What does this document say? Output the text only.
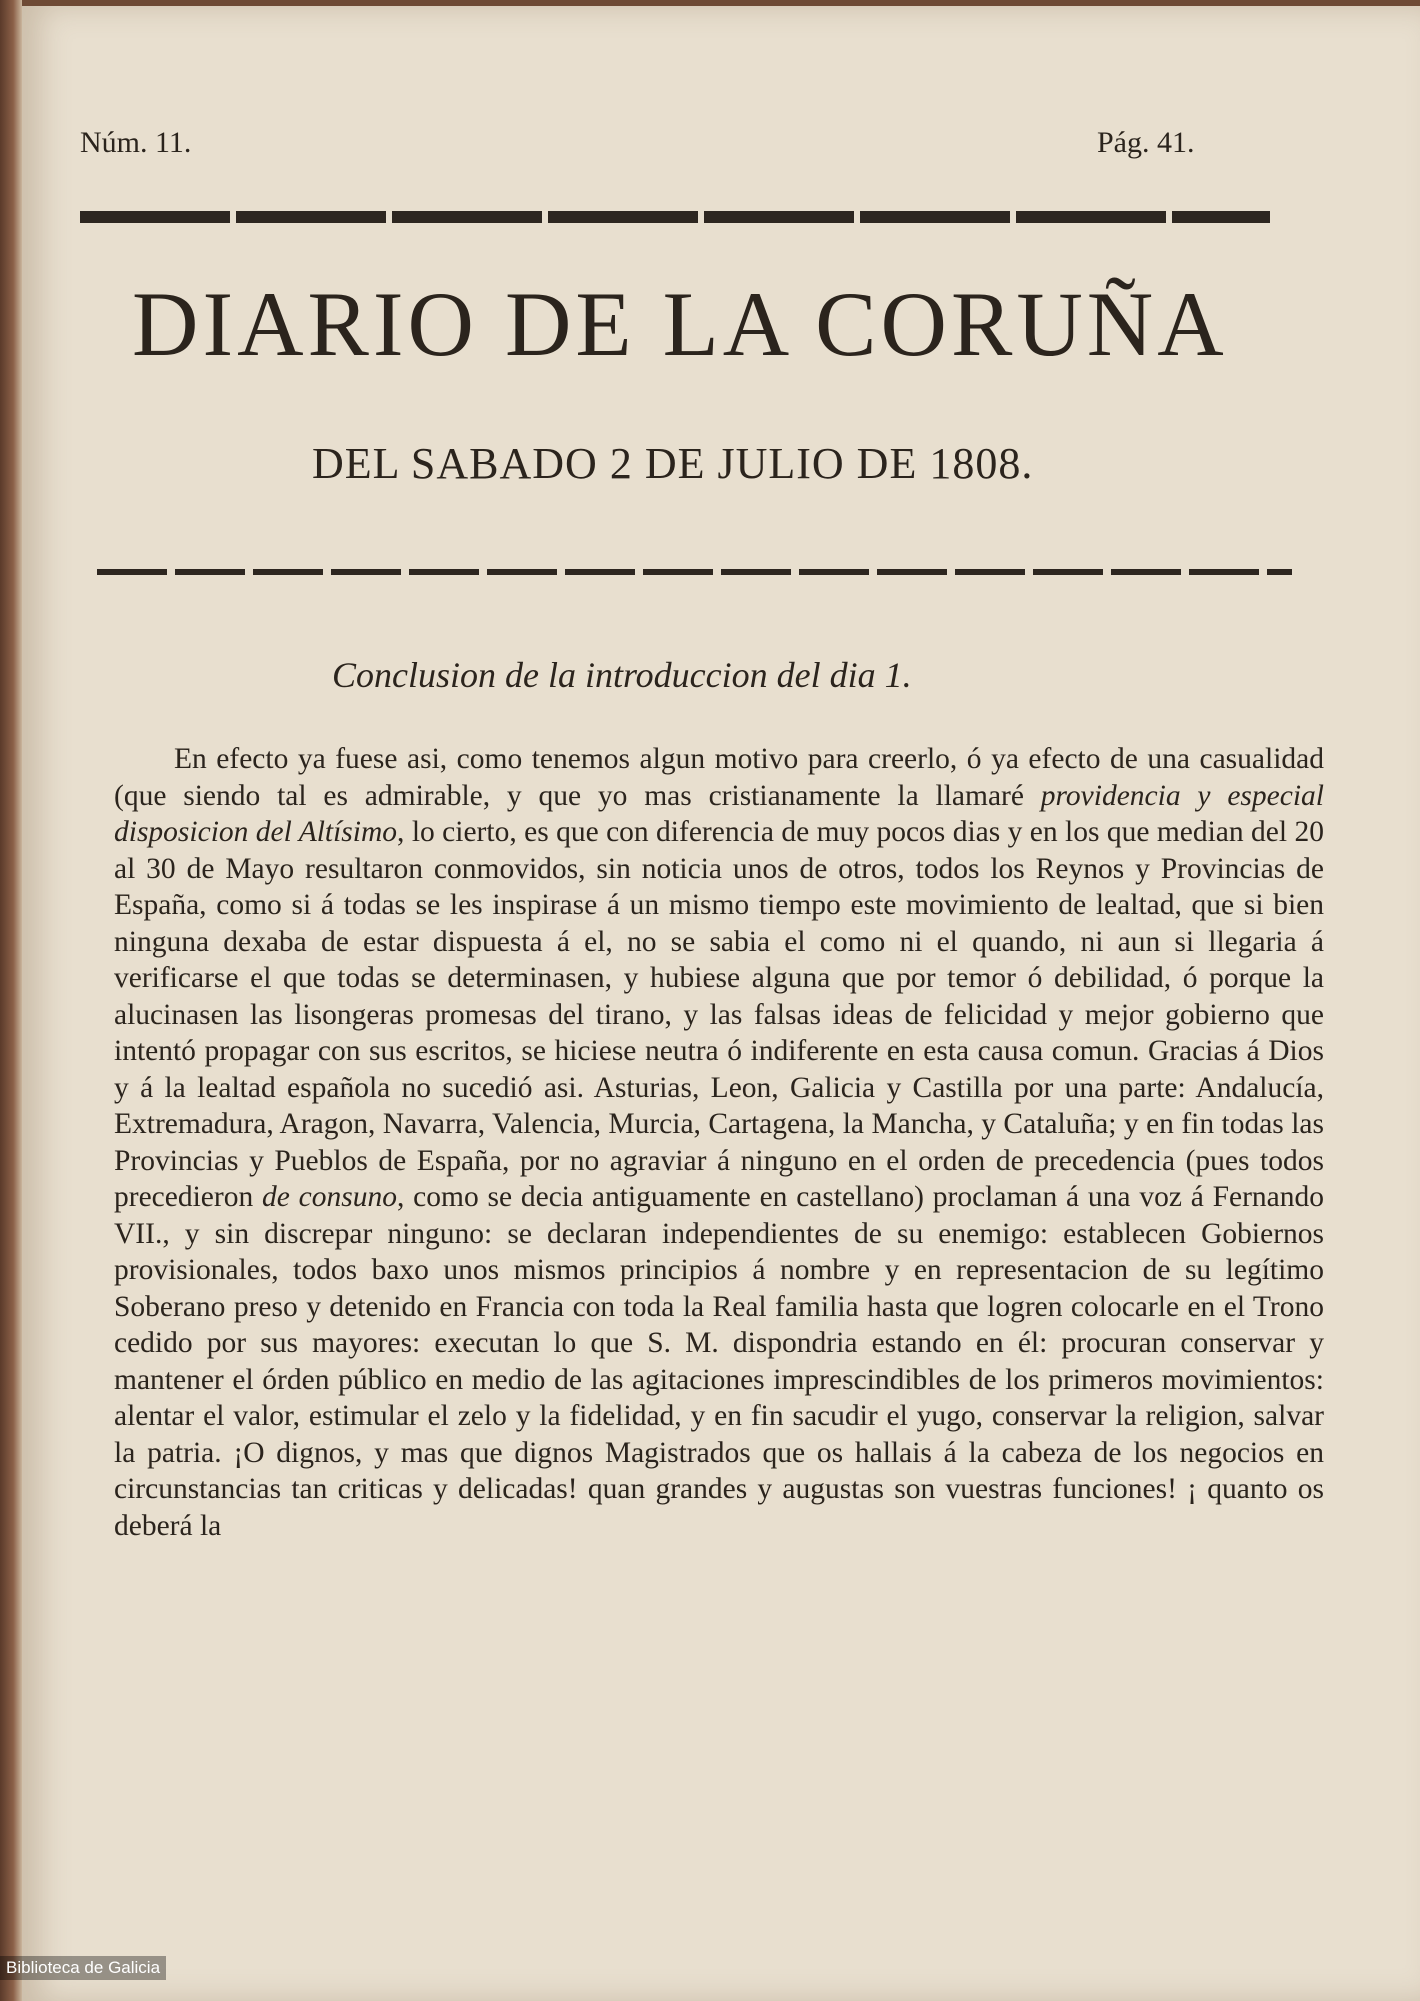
Núm. 11.	Pág. 41.
DIARIO DE LA CORUÑA
DEL SABADO 2 DE JULIO DE 1808.
Conclusion de la introduccion del dia 1.
En efecto ya fuese asi, como tenemos algun motivo para creerlo, ó ya efecto de una casualidad (que siendo tal es admirable, y que yo mas cristianamente la llamaré providencia y especial disposicion del Altísimo, lo cierto, es que con diferencia de muy pocos dias y en los que median del 20 al 30 de Mayo resultaron conmovidos, sin noticia unos de otros, todos los Reynos y Provincias de España, como si á todas se les inspirase á un mismo tiempo este movimiento de lealtad, que si bien ninguna dexaba de estar dispuesta á el, no se sabia el como ni el quando, ni aun si llegaria á verificarse el que todas se determinasen, y hubiese alguna que por temor ó debilidad, ó porque la alucinasen las lisongeras promesas del tirano, y las falsas ideas de felicidad y mejor gobierno que intentó propagar con sus escritos, se hiciese neutra ó indiferente en esta causa comun. Gracias á Dios y á la lealtad española no sucedió asi. Asturias, Leon, Galicia y Castilla por una parte: Andalucía, Extremadura, Aragon, Navarra, Valencia, Murcia, Cartagena, la Mancha, y Cataluña; y en fin todas las Provincias y Pueblos de España, por no agraviar á ninguno en el orden de precedencia (pues todos precedieron de consuno, como se decia antiguamente en castellano) proclaman á una voz á Fernando VII., y sin discrepar ninguno: se declaran independientes de su enemigo: establecen Gobiernos provisionales, todos baxo unos mismos principios á nombre y en representacion de su legítimo Soberano preso y detenido en Francia con toda la Real familia hasta que logren colocarle en el Trono cedido por sus mayores: executan lo que S. M. dispondria estando en él: procuran conservar y mantener el órden público en medio de las agitaciones imprescindibles de los primeros movimientos: alentar el valor, estimular el zelo y la fidelidad, y en fin sacudir el yugo, conservar la religion, salvar la patria. ¡O dignos, y mas que dignos Magistrados que os hallais á la cabeza de los negocios en circunstancias tan criticas y delicadas! quan grandes y augustas son vuestras funciones! ¡ quanto os deberá la
Biblioteca de Galicia
